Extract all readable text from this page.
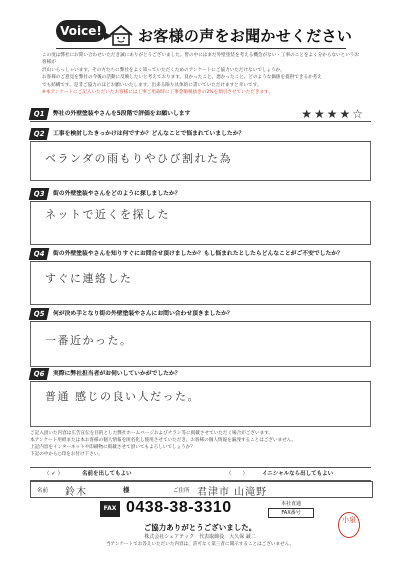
Voice! お客様の声をお聞かせください

この度は弊社にお問い合わせいただき誠にありがとうございました。皆の中にはまだ外壁塗装を考える機会がない・工事のことをよく分からないというお客様が

沢山いらっしゃいます。その方たちに弊社をよく知っていただくためのアンケートにご協力いただけないでしょうか。

お客様のご意見を弊社の今後の活動に反映したいと考えております。良かったこと、悪かったこと、どのような価値を提供できるか考え

でも結構です。是非ご協力のほどお願いいたします。出来る限り具体的に書いていただけますと幸いです。

※本アンケートにご記入いただいたお客様には工事ご用命時に工事金額税抜きの2%を割引させていただきます。

Q1	弊社の外壁塗装やさんを5段階で評価をお願いします	★★★★☆
Q2	工事を検討したきっかけは何ですか？どんなことで悩まれていましたか？
ベランダの雨もりやひび割れた為
Q3	街の外壁塗装やさんをどのように探しましたか？
ネットで近くを探した
Q4	街の外壁塗装やさんを知りすぐにお問合せ頂けましたか？もし悩まれたとしたらどんなことがご不安でしたか？
すぐに連絡した
Q5	何が決め手となり街の外壁塗装やさんにお問い合わせ頂きましたか？
一番近かった。
Q6	実際に弊社担当者がお伺いしていかがでしたか？
普通 感じの良い人だった。

ご記入頂いた内容は広告宣伝を目的とした弊社ホームページおよびチラシ等に掲載させていただく場合がございます。

本アンケート用紙または本お客様の個人情報を匿名化し使用させていただき、お客様の個人情報を漏洩することはございません。

上記内容をインターネットや印刷物に掲載させて頂いてもよろしいでしょうか？

下記の中から○印をお付け下さい。

（ ✓ ）	名前を出してもよい	（　　）	イニシャルなら出してもよい
名前 鈴木	様	ご住所 君津市 山滝野
FAX 0438-38-3310	本社直通
FAX番号
ご協力ありがとうございました。
株式会社シェアテック　代表取締役　大久保 誠二
当アンケートでお答えいただいた内容は、許可なく第三者に開示することはございません。
小泉
